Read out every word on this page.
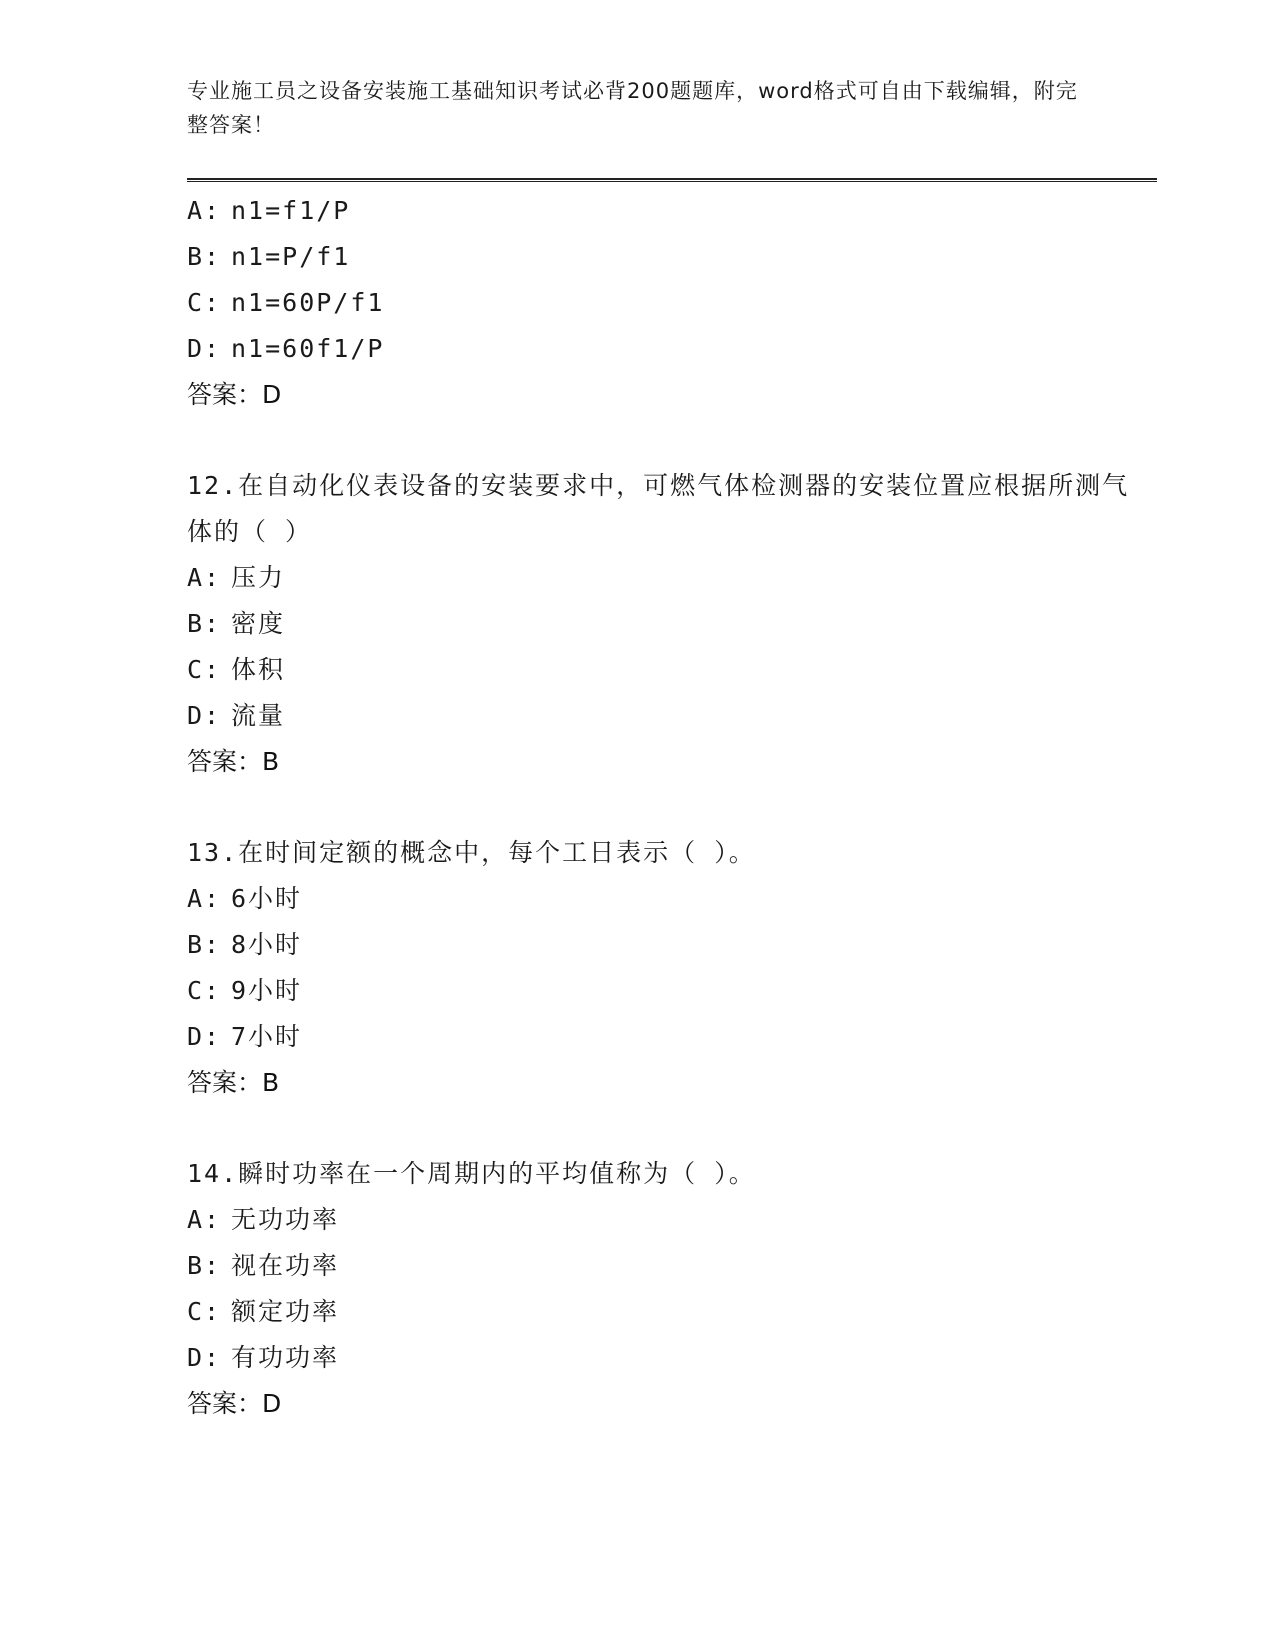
专业施工员之设备安装施工基础知识考试必背200题题库，word格式可自由下载编辑，附完整答案！
A: n1=f1/P
B: n1=P/f1
C: n1=60P/f1
D: n1=60f1/P
答案：D
12.在自动化仪表设备的安装要求中，可燃气体检测器的安装位置应根据所测气体的（ ）
A: 压力
B: 密度
C: 体积
D: 流量
答案：B
13.在时间定额的概念中，每个工日表示（ ）。
A: 6小时
B: 8小时
C: 9小时
D: 7小时
答案：B
14.瞬时功率在一个周期内的平均值称为（ ）。
A: 无功功率
B: 视在功率
C: 额定功率
D: 有功功率
答案：D
